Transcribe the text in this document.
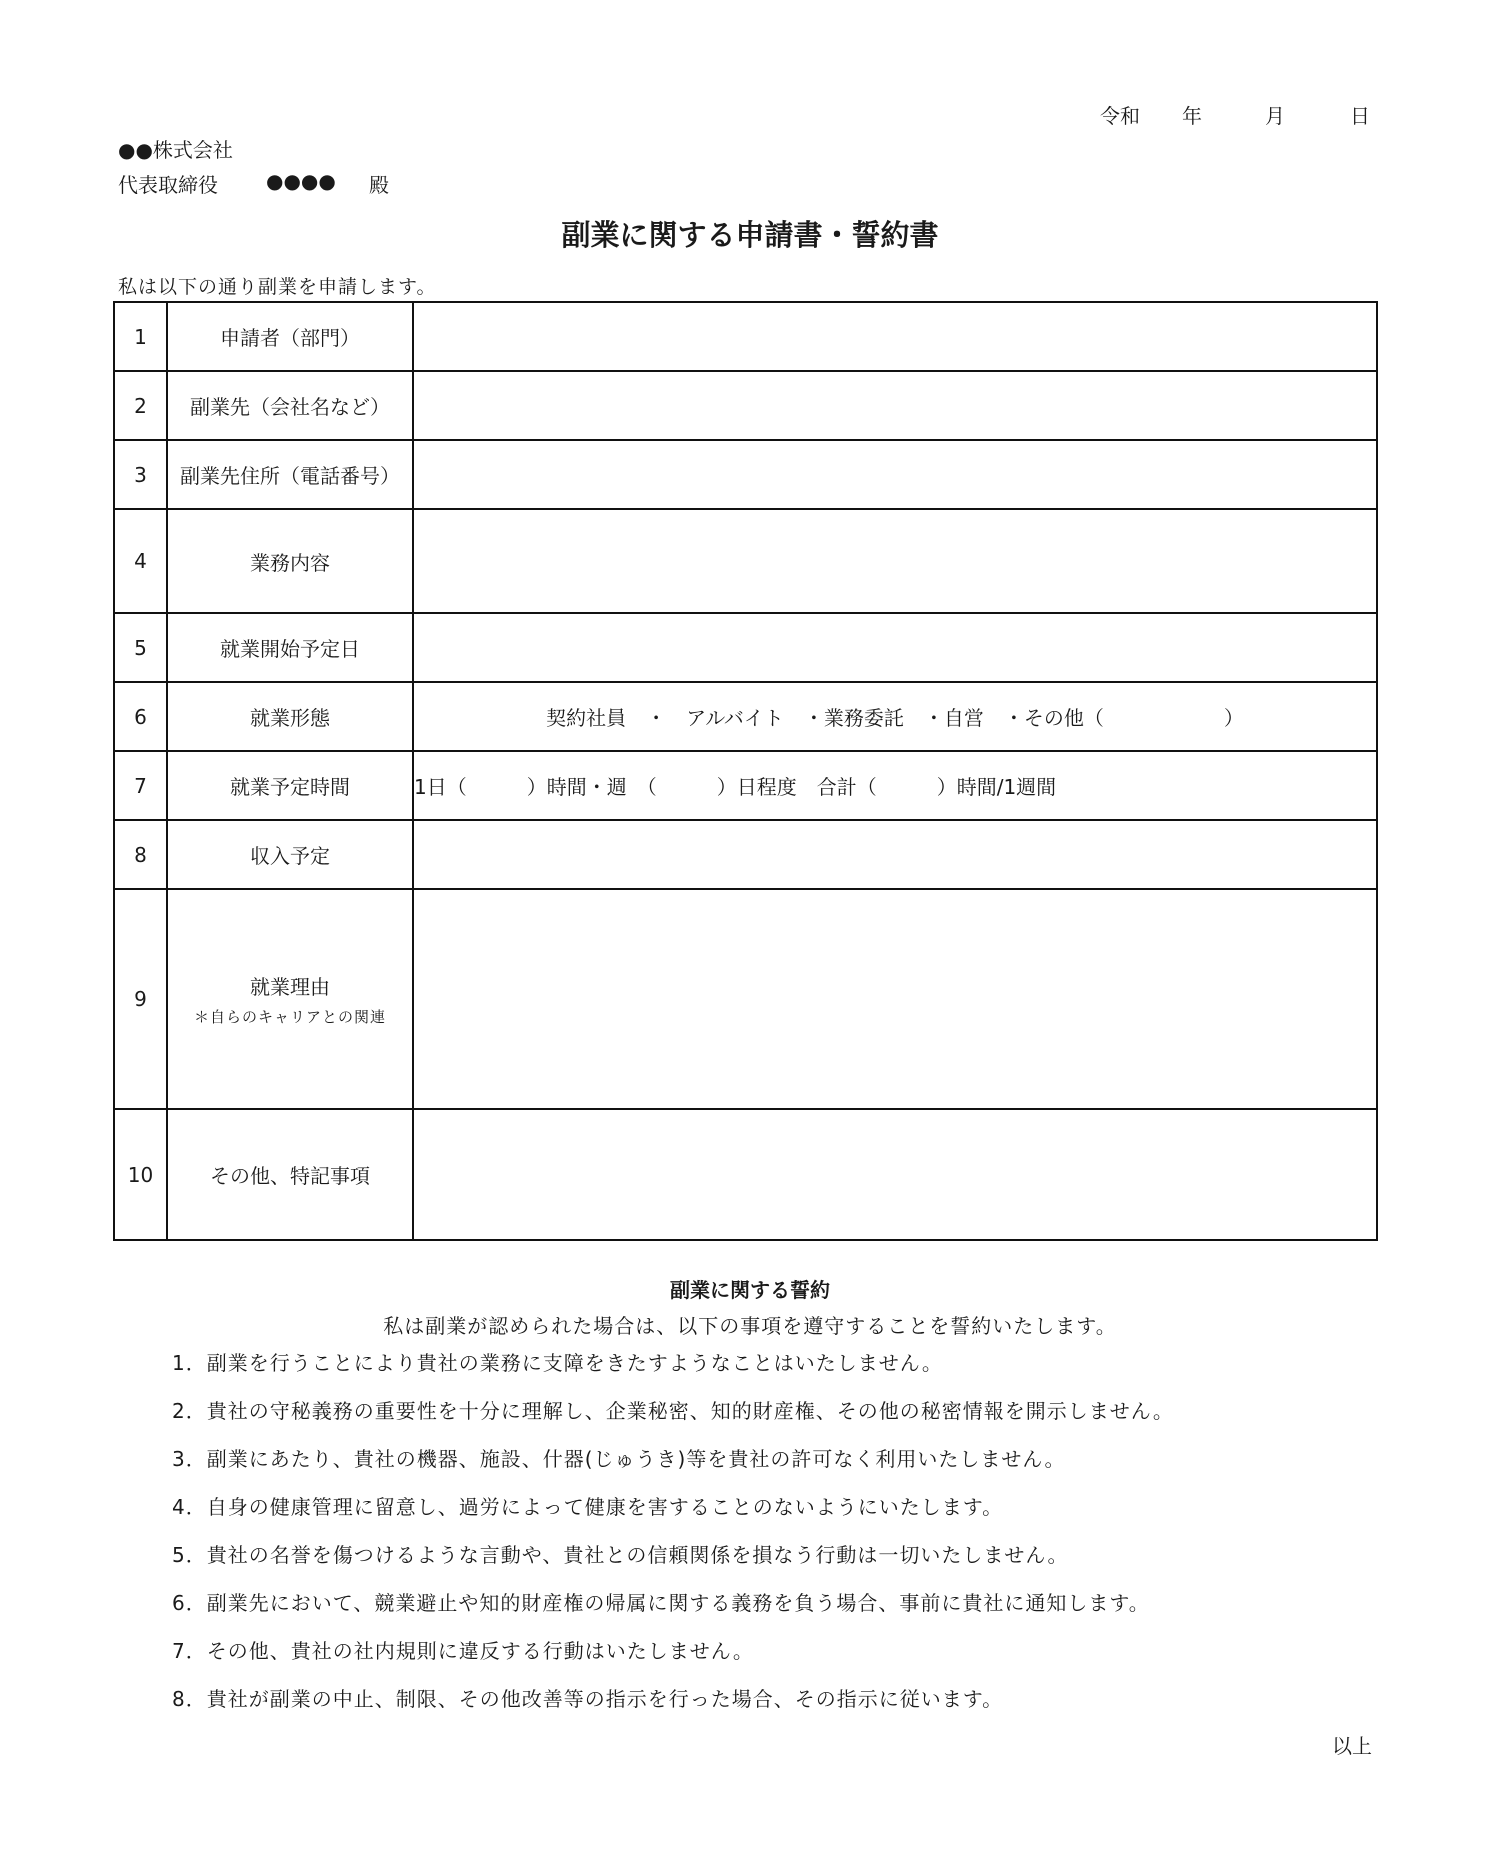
令和 年	月	日
●●株式会社
代表取締役 ●●●● 殿
副業に関する申請書・誓約書
私は以下の通り副業を申請します。
1	申請者（部門）	
2	副業先（会社名など）	
3	副業先住所（電話番号）	
4	業務内容	
5	就業開始予定日	
6	就業形態	契約社員　・　アルバイト　・業務委託　・自営　・その他（　　　　　　）
7	就業予定時間	1日（　　　）時間・週　（　　　）日程度　合計（　　　）時間/1週間
8	収入予定	
9	就業理由
＊自らのキャリアとの関連	

10	その他、特記事項	
副業に関する誓約
私は副業が認められた場合は、以下の事項を遵守することを誓約いたします。
1．副業を行うことにより貴社の業務に支障をきたすようなことはいたしません。
2．貴社の守秘義務の重要性を十分に理解し、企業秘密、知的財産権、その他の秘密情報を開示しません。
3．副業にあたり、貴社の機器、施設、什器(じゅうき)等を貴社の許可なく利用いたしません。
4．自身の健康管理に留意し、過労によって健康を害することのないようにいたします。
5．貴社の名誉を傷つけるような言動や、貴社との信頼関係を損なう行動は一切いたしません。
6．副業先において、競業避止や知的財産権の帰属に関する義務を負う場合、事前に貴社に通知します。
7．その他、貴社の社内規則に違反する行動はいたしません。
8．貴社が副業の中止、制限、その他改善等の指示を行った場合、その指示に従います。
以上
